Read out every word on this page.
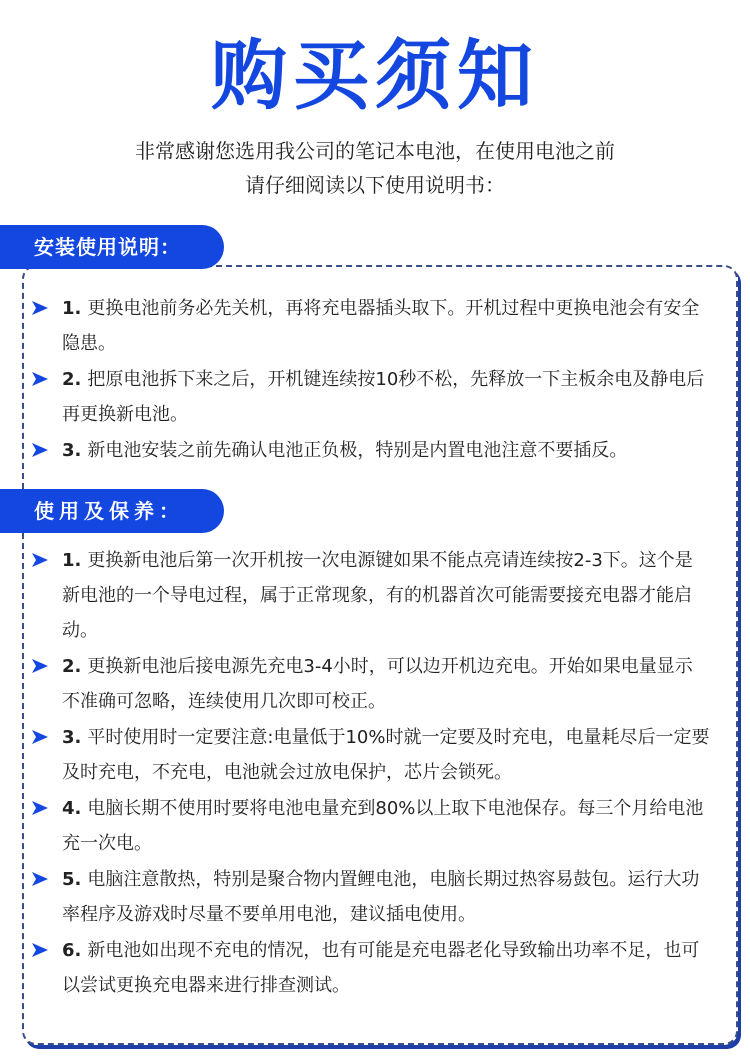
购买须知
非常感谢您选用我公司的笔记本电池，在使用电池之前
请仔细阅读以下使用说明书：
安装使用说明：
使用及保养：
1. 更换电池前务必先关机，再将充电器插头取下。开机过程中更换电池会有安全隐患。
2. 把原电池拆下来之后，开机键连续按10秒不松，先释放一下主板余电及静电后再更换新电池。
3. 新电池安装之前先确认电池正负极，特别是内置电池注意不要插反。
1. 更换新电池后第一次开机按一次电源键如果不能点亮请连续按2-3下。这个是新电池的一个导电过程，属于正常现象，有的机器首次可能需要接充电器才能启动。
2. 更换新电池后接电源先充电3-4小时，可以边开机边充电。开始如果电量显示不准确可忽略，连续使用几次即可校正。
3. 平时使用时一定要注意:电量低于10%时就一定要及时充电，电量耗尽后一定要及时充电，不充电，电池就会过放电保护，芯片会锁死。
4. 电脑长期不使用时要将电池电量充到80%以上取下电池保存。每三个月给电池充一次电。
5. 电脑注意散热，特别是聚合物内置鲤电池，电脑长期过热容易鼓包。运行大功率程序及游戏时尽量不要单用电池，建议插电使用。
6. 新电池如出现不充电的情况，也有可能是充电器老化导致输出功率不足，也可以尝试更换充电器来进行排查测试。
